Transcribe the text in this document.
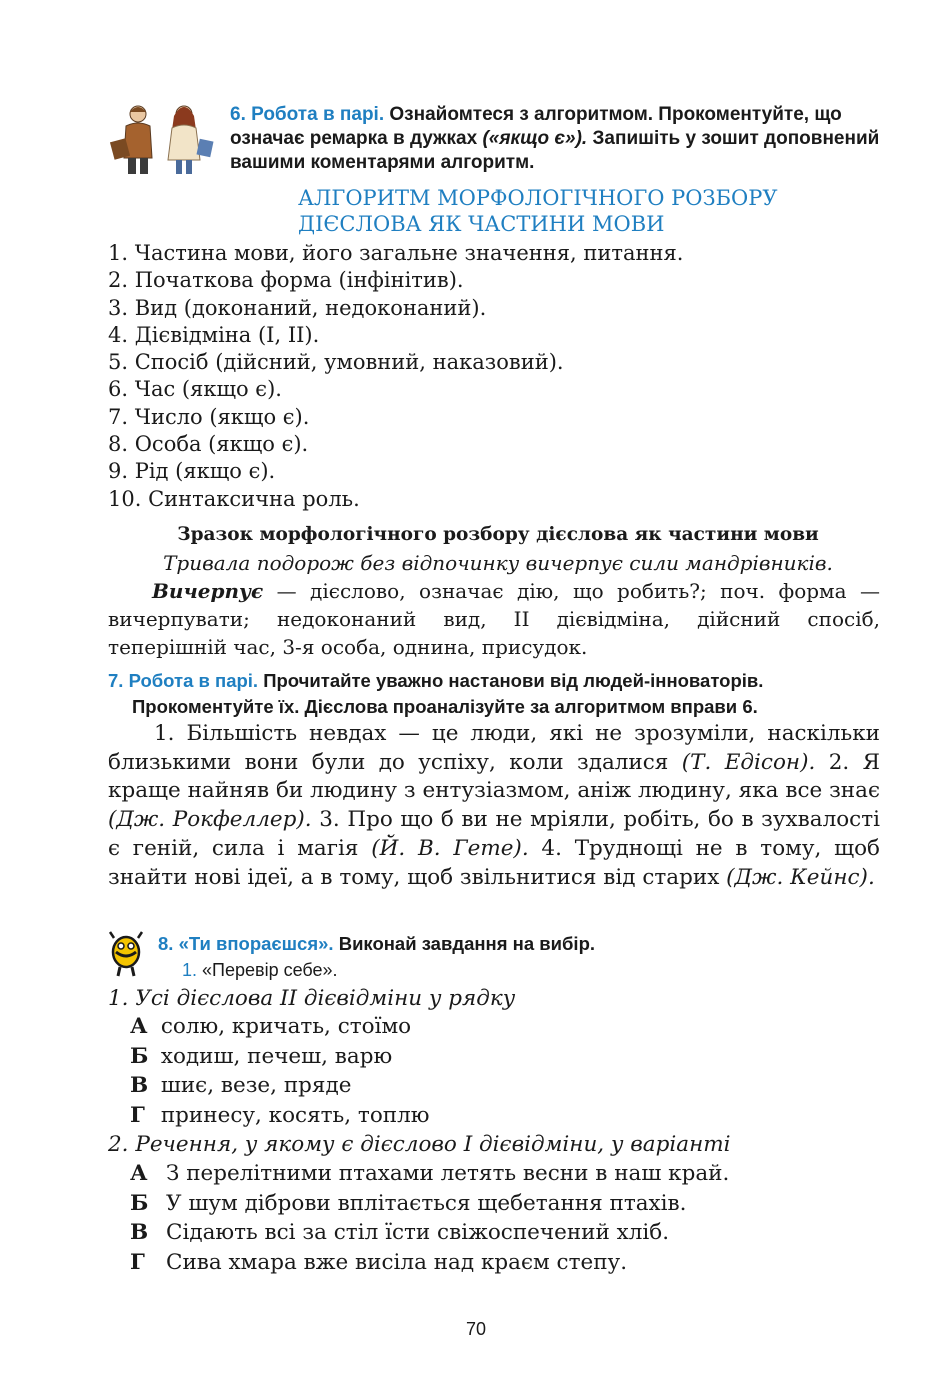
6. Робота в парі. Ознайомтеся з алгоритмом. Прокоментуйте, що означає ремарка в дужках («якщо є»). Запишіть у зошит доповнений вашими коментарями алгоритм.
АЛГОРИТМ МОРФОЛОГІЧНОГО РОЗБОРУ
ДІЄСЛОВА ЯК ЧАСТИНИ МОВИ
1. Частина мови, його загальне значення, питання.
2. Початкова форма (інфінітив).
3. Вид (доконаний, недоконаний).
4. Дієвідміна (І, ІІ).
5. Спосіб (дійсний, умовний, наказовий).
6. Час (якщо є).
7. Число (якщо є).
8. Особа (якщо є).
9. Рід (якщо є).
10. Синтаксична роль.
Зразок морфологічного розбору дієслова як частини мови
Тривала подорож без відпочинку вичерпує сили мандрівників.
Вичерпує — дієслово, означає дію, що робить?; поч. форма — вичерпувати; недоконаний вид, ІІ дієвідміна, дійсний спосіб, теперішній час, 3-я особа, однина, присудок.
7. Робота в парі. Прочитайте уважно настанови від людей-інноваторів.
Прокоментуйте їх. Дієслова проаналізуйте за алгоритмом вправи 6.
1. Більшість невдах — це люди, які не зрозуміли, наскільки близькими вони були до успіху, коли здалися (Т. Едісон). 2. Я краще найняв би людину з ентузіазмом, аніж людину, яка все знає (Дж. Рокфеллер). 3. Про що б ви не мріяли, робіть, бо в зухвалості є геній, сила і магія (Й. В. Гете). 4. Труднощі не в тому, щоб знайти нові ідеї, а в тому, щоб звільнитися від старих (Дж. Кейнс).
8. «Ти впораєшся». Виконай завдання на вибір.
1. «Перевір себе».
1. Усі дієслова ІІ дієвідміни у рядку
А солю, кричать, стоїмо
Б ходиш, печеш, варю
В шиє, везе, пряде
Г принесу, косять, топлю
2. Речення, у якому є дієслово І дієвідміни, у варіанті
А З перелітними птахами летять весни в наш край.
Б У шум діброви вплітається щебетання птахів.
В Сідають всі за стіл їсти свіжоспечений хліб.
Г Сива хмара вже висіла над краєм степу.
70
